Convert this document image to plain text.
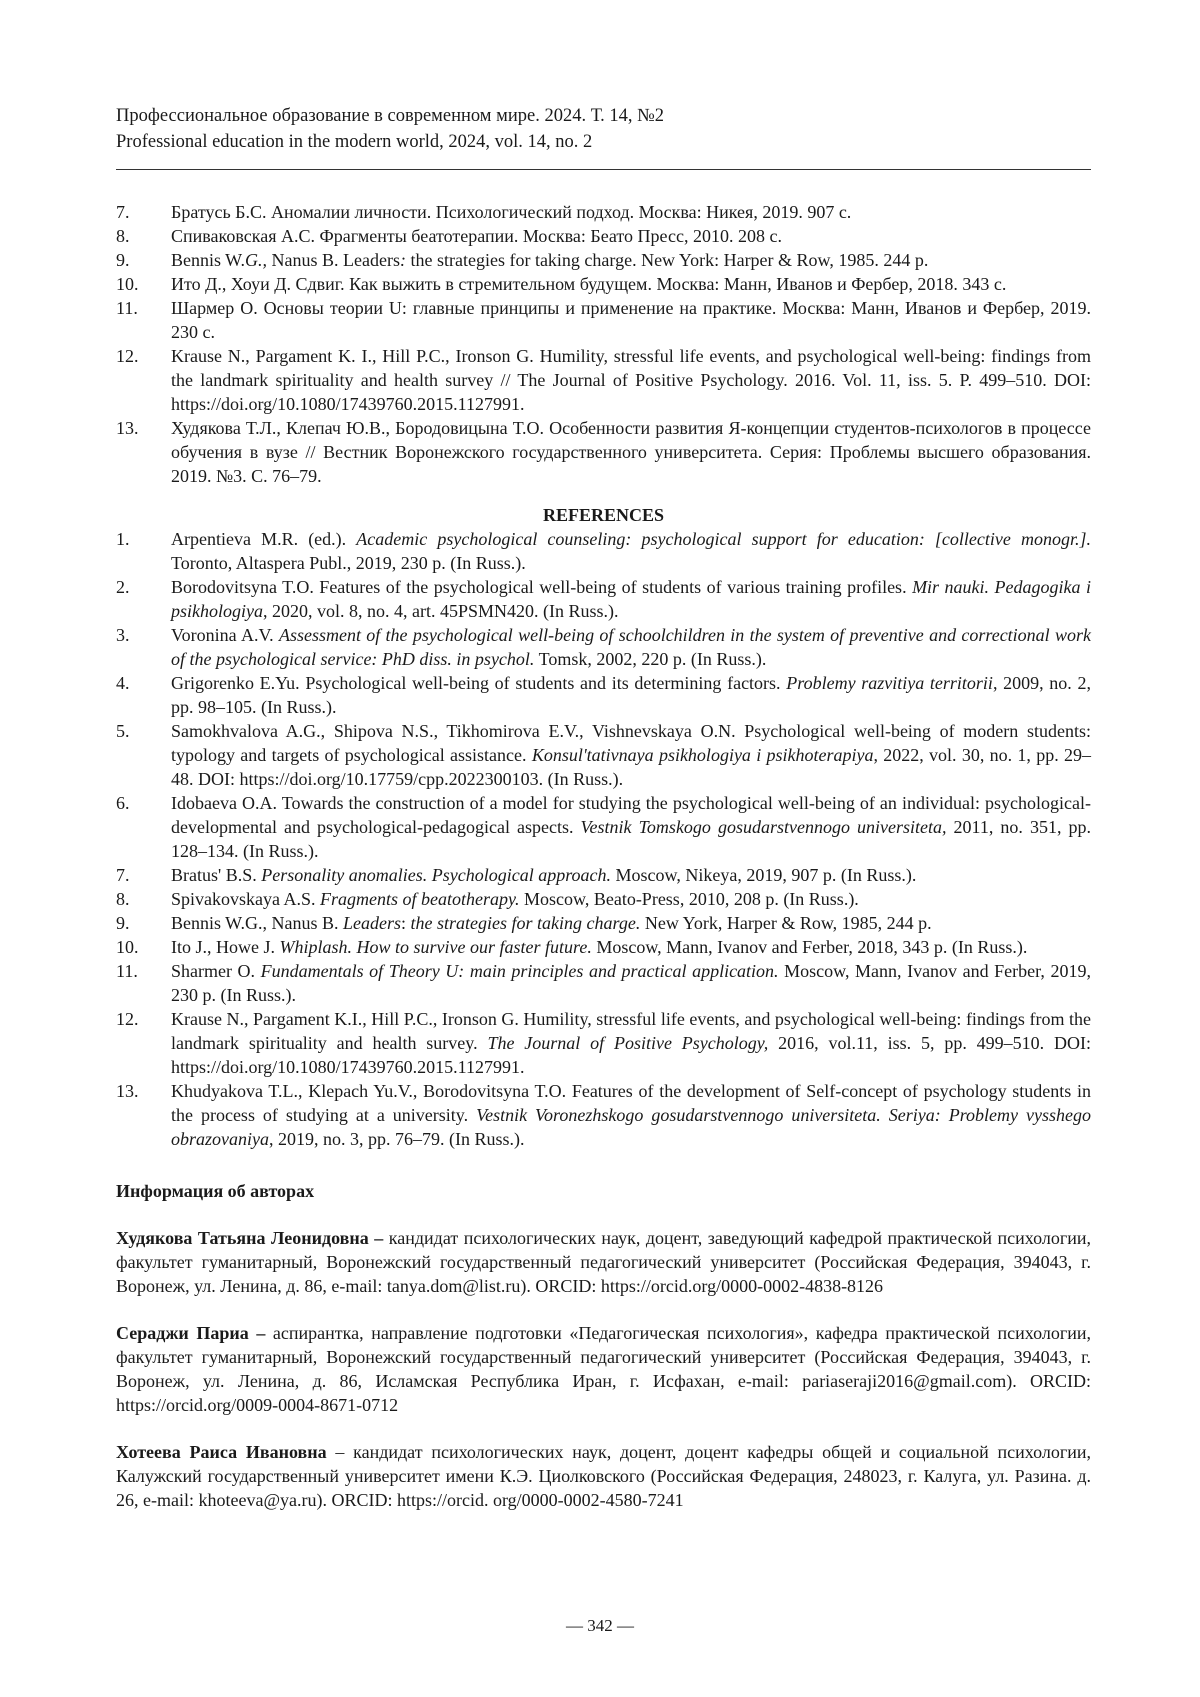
Профессиональное образование в современном мире. 2024. Т. 14, №2
Professional education in the modern world, 2024, vol. 14, no. 2
7.	Братусь Б.С. Аномалии личности. Психологический подход. Москва: Никея, 2019. 907 с.
8.	Спиваковская А.С. Фрагменты беатотерапии. Москва: Беато Пресс, 2010. 208 с.
9.	Bennis W.G., Nanus B. Leaders: the strategies for taking charge. New York: Harper & Row, 1985. 244 p.
10.	Ито Д., Хоуи Д. Сдвиг. Как выжить в стремительном будущем. Москва: Манн, Иванов и Фербер, 2018. 343 с.
11.	Шармер О. Основы теории U: главные принципы и применение на практике. Москва: Манн, Иванов и Фербер, 2019. 230 с.
12.	Krause N., Pargament K. I., Hill P.C., Ironson G. Humility, stressful life events, and psychological well-being: findings from the landmark spirituality and health survey // The Journal of Positive Psychology. 2016. Vol. 11, iss. 5. P. 499–510. DOI: https://doi.org/10.1080/17439760.2015.1127991.
13.	Худякова Т.Л., Клепач Ю.В., Бородовицына Т.О. Особенности развития Я-концепции студентов-психологов в процессе обучения в вузе // Вестник Воронежского государственного университета. Серия: Проблемы высшего образования. 2019. №3. С. 76–79.
REFERENCES
1.	Arpentieva M.R. (ed.). Academic psychological counseling: psychological support for education: [collective monogr.]. Toronto, Altaspera Publ., 2019, 230 p. (In Russ.).
2.	Borodovitsyna T.O. Features of the psychological well-being of students of various training profiles. Mir nauki. Pedagogika i psikhologiya, 2020, vol. 8, no. 4, art. 45PSMN420. (In Russ.).
3.	Voronina A.V. Assessment of the psychological well-being of schoolchildren in the system of preventive and correctional work of the psychological service: PhD diss. in psychol. Tomsk, 2002, 220 p. (In Russ.).
4.	Grigorenko E.Yu. Psychological well-being of students and its determining factors. Problemy razvitiya territorii, 2009, no. 2, pp. 98–105. (In Russ.).
5.	Samokhvalova A.G., Shipova N.S., Tikhomirova E.V., Vishnevskaya O.N. Psychological well-being of modern students: typology and targets of psychological assistance. Konsul'tativnaya psikhologiya i psikhoterapiya, 2022, vol. 30, no. 1, pp. 29–48. DOI: https://doi.org/10.17759/cpp.2022300103. (In Russ.).
6.	Idobaeva O.A. Towards the construction of a model for studying the psychological well-being of an individual: psychological-developmental and psychological-pedagogical aspects. Vestnik Tomskogo gosudarstvennogo universiteta, 2011, no. 351, pp. 128–134. (In Russ.).
7.	Bratus' B.S. Personality anomalies. Psychological approach. Moscow, Nikeya, 2019, 907 p. (In Russ.).
8.	Spivakovskaya A.S. Fragments of beatotherapy. Moscow, Beato-Press, 2010, 208 p. (In Russ.).
9.	Bennis W.G., Nanus B. Leaders: the strategies for taking charge. New York, Harper & Row, 1985, 244 p.
10.	Ito J., Howe J. Whiplash. How to survive our faster future. Moscow, Mann, Ivanov and Ferber, 2018, 343 p. (In Russ.).
11.	Sharmer O. Fundamentals of Theory U: main principles and practical application. Moscow, Mann, Ivanov and Ferber, 2019, 230 p. (In Russ.).
12.	Krause N., Pargament K.I., Hill P.C., Ironson G. Humility, stressful life events, and psychological well-being: findings from the landmark spirituality and health survey. The Journal of Positive Psychology, 2016, vol.11, iss. 5, pp. 499–510. DOI: https://doi.org/10.1080/17439760.2015.1127991.
13.	Khudyakova T.L., Klepach Yu.V., Borodovitsyna T.O. Features of the development of Self-concept of psychology students in the process of studying at a university. Vestnik Voronezhskogo gosudarstvennogo universiteta. Seriya: Problemy vysshego obrazovaniya, 2019, no. 3, pp. 76–79. (In Russ.).
Информация об авторах
Худякова Татьяна Леонидовна – кандидат психологических наук, доцент, заведующий кафедрой практической психологии, факультет гуманитарный, Воронежский государственный педагогический университет (Российская Федерация, 394043, г. Воронеж, ул. Ленина, д. 86, e-mail: tanya.dom@list.ru). ORCID: https://orcid.org/0000-0002-4838-8126
Сераджи Париа – аспирантка, направление подготовки «Педагогическая психология», кафедра практической психологии, факультет гуманитарный, Воронежский государственный педагогический университет (Российская Федерация, 394043, г. Воронеж, ул. Ленина, д. 86, Исламская Республика Иран, г. Исфахан, e-mail: pariaseraji2016@gmail.com). ORCID: https://orcid.org/0009-0004-8671-0712
Хотеева Раиса Ивановна – кандидат психологических наук, доцент, доцент кафедры общей и социальной психологии, Калужский государственный университет имени К.Э. Циолковского (Российская Федерация, 248023, г. Калуга, ул. Разина. д. 26, e-mail: khoteeva@ya.ru). ORCID: https://orcid. org/0000-0002-4580-7241
— 342 —
